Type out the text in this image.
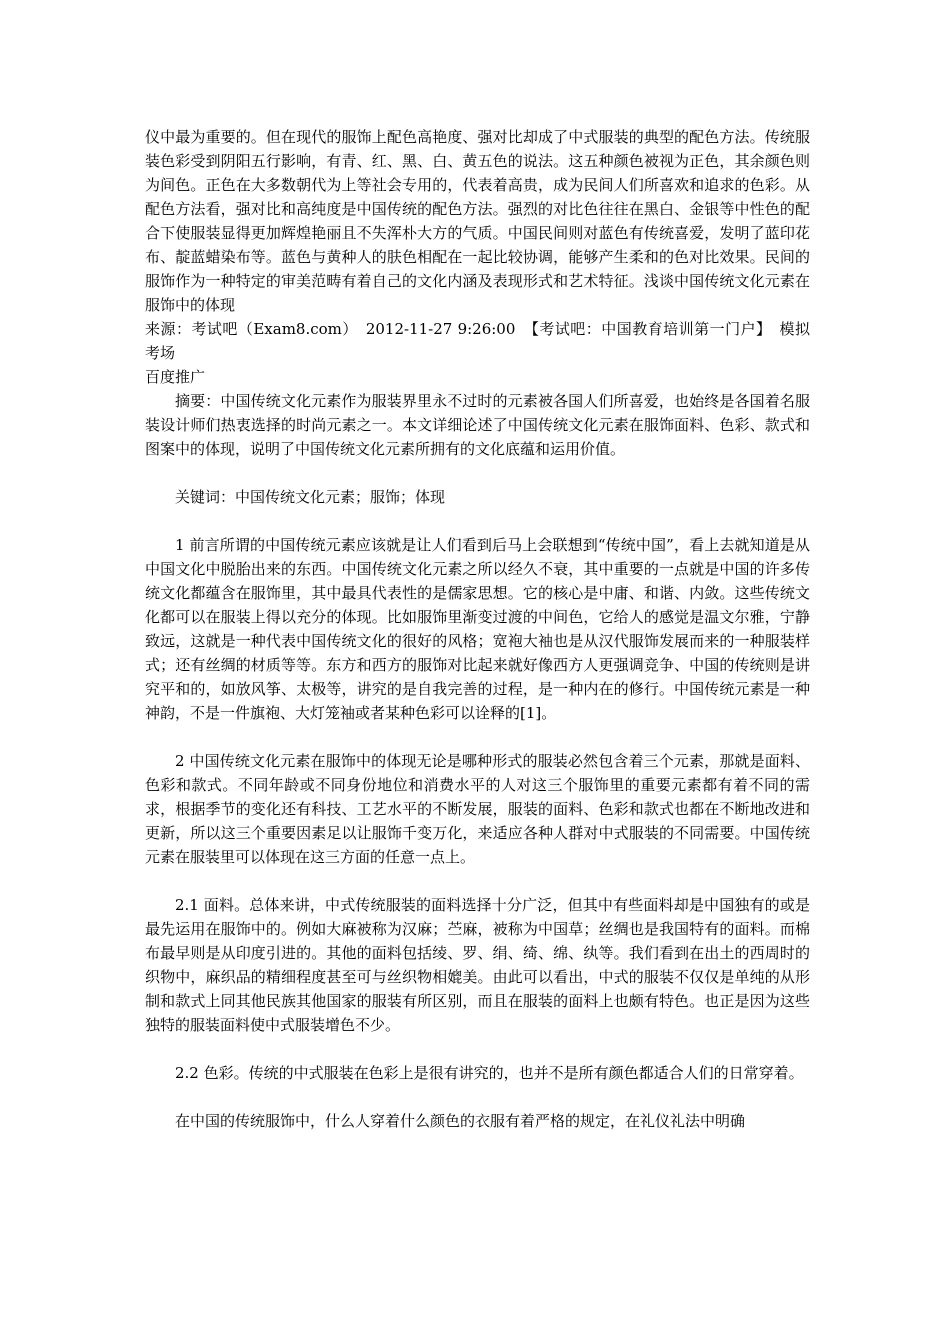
仪中最为重要的。但在现代的服饰上配色高艳度、强对比却成了中式服装的典型的配色方法。传统服装色彩受到阴阳五行影响，有青、红、黑、白、黄五色的说法。这五种颜色被视为正色，其余颜色则为间色。正色在大多数朝代为上等社会专用的，代表着高贵，成为民间人们所喜欢和追求的色彩。从配色方法看，强对比和高纯度是中国传统的配色方法。强烈的对比色往往在黑白、金银等中性色的配合下使服装显得更加辉煌艳丽且不失浑朴大方的气质。中国民间则对蓝色有传统喜爱，发明了蓝印花布、靛蓝蜡染布等。蓝色与黄种人的肤色相配在一起比较协调，能够产生柔和的色对比效果。民间的服饰作为一种特定的审美范畴有着自己的文化内涵及表现形式和艺术特征。浅谈中国传统文化元素在服饰中的体现

来源：考试吧（Exam8.com）　2012-11-27 9:26:00　【考试吧：中国教育培训第一门户】　模拟考场

百度推广

摘要：中国传统文化元素作为服装界里永不过时的元素被各国人们所喜爱，也始终是各国着名服装设计师们热衷选择的时尚元素之一。本文详细论述了中国传统文化元素在服饰面料、色彩、款式和图案中的体现，说明了中国传统文化元素所拥有的文化底蕴和运用价值。

关键词：中国传统文化元素；服饰；体现

1 前言所谓的中国传统元素应该就是让人们看到后马上会联想到“传统中国”，看上去就知道是从中国文化中脱胎出来的东西。中国传统文化元素之所以经久不衰，其中重要的一点就是中国的许多传统文化都蕴含在服饰里，其中最具代表性的是儒家思想。它的核心是中庸、和谐、内敛。这些传统文化都可以在服装上得以充分的体现。比如服饰里渐变过渡的中间色，它给人的感觉是温文尔雅，宁静致远，这就是一种代表中国传统文化的很好的风格；宽袍大袖也是从汉代服饰发展而来的一种服装样式；还有丝绸的材质等等。东方和西方的服饰对比起来就好像西方人更强调竞争、中国的传统则是讲究平和的，如放风筝、太极等，讲究的是自我完善的过程，是一种内在的修行。中国传统元素是一种神韵，不是一件旗袍、大灯笼袖或者某种色彩可以诠释的[1]。

2 中国传统文化元素在服饰中的体现无论是哪种形式的服装必然包含着三个元素，那就是面料、色彩和款式。不同年龄或不同身份地位和消费水平的人对这三个服饰里的重要元素都有着不同的需求，根据季节的变化还有科技、工艺水平的不断发展，服装的面料、色彩和款式也都在不断地改进和更新，所以这三个重要因素足以让服饰千变万化，来适应各种人群对中式服装的不同需要。中国传统元素在服装里可以体现在这三方面的任意一点上。

2.1 面料。总体来讲，中式传统服装的面料选择十分广泛，但其中有些面料却是中国独有的或是最先运用在服饰中的。例如大麻被称为汉麻；苎麻，被称为中国草；丝绸也是我国特有的面料。而棉布最早则是从印度引进的。其他的面料包括绫、罗、绢、绮、绵、纨等。我们看到在出土的西周时的织物中，麻织品的精细程度甚至可与丝织物相媲美。由此可以看出，中式的服装不仅仅是单纯的从形制和款式上同其他民族其他国家的服装有所区别，而且在服装的面料上也颇有特色。也正是因为这些独特的服装面料使中式服装增色不少。

2.2 色彩。传统的中式服装在色彩上是很有讲究的，也并不是所有颜色都适合人们的日常穿着。

在中国的传统服饰中，什么人穿着什么颜色的衣服有着严格的规定，在礼仪礼法中明确
